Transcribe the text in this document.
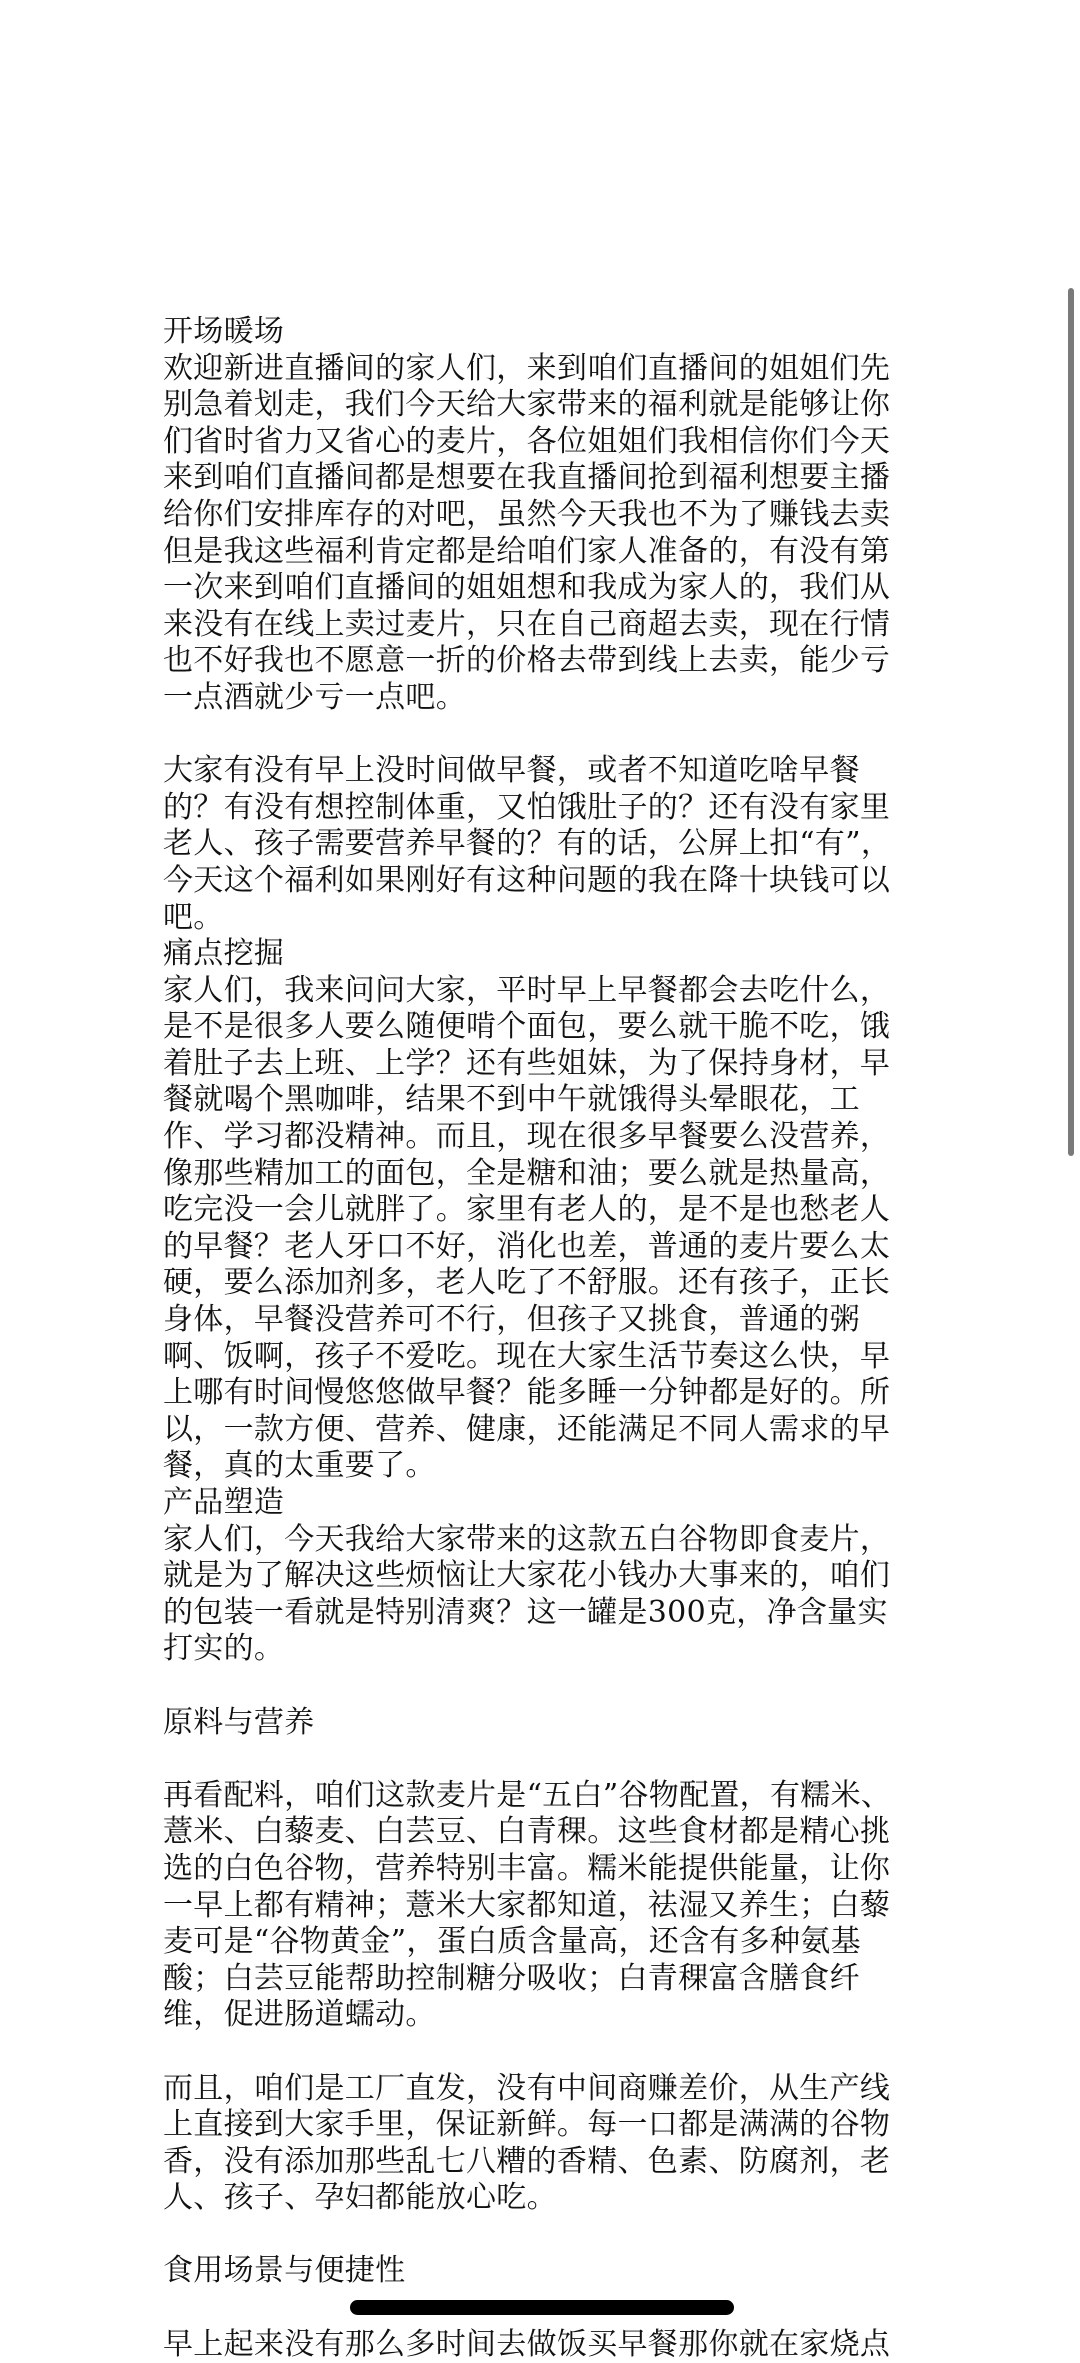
开场暖场
欢迎新进直播间的家人们，来到咱们直播间的姐姐们先
别急着划走，我们今天给大家带来的福利就是能够让你
们省时省力又省心的麦片，各位姐姐们我相信你们今天
来到咱们直播间都是想要在我直播间抢到福利想要主播
给你们安排库存的对吧，虽然今天我也不为了赚钱去卖
但是我这些福利肯定都是给咱们家人准备的，有没有第
一次来到咱们直播间的姐姐想和我成为家人的，我们从
来没有在线上卖过麦片，只在自己商超去卖，现在行情
也不好我也不愿意一折的价格去带到线上去卖，能少亏
一点酒就少亏一点吧。
大家有没有早上没时间做早餐，或者不知道吃啥早餐
的？有没有想控制体重，又怕饿肚子的？还有没有家里
老人、孩子需要营养早餐的？有的话，公屏上扣“有”，
今天这个福利如果刚好有这种问题的我在降十块钱可以
吧。
痛点挖掘
家人们，我来问问大家，平时早上早餐都会去吃什么，
是不是很多人要么随便啃个面包，要么就干脆不吃，饿
着肚子去上班、上学？还有些姐妹，为了保持身材，早
餐就喝个黑咖啡，结果不到中午就饿得头晕眼花，工
作、学习都没精神。而且，现在很多早餐要么没营养，
像那些精加工的面包，全是糖和油；要么就是热量高，
吃完没一会儿就胖了。家里有老人的，是不是也愁老人
的早餐？老人牙口不好，消化也差，普通的麦片要么太
硬，要么添加剂多，老人吃了不舒服。还有孩子，正长
身体，早餐没营养可不行，但孩子又挑食，普通的粥
啊、饭啊，孩子不爱吃。现在大家生活节奏这么快，早
上哪有时间慢悠悠做早餐？能多睡一分钟都是好的。所
以，一款方便、营养、健康，还能满足不同人需求的早
餐，真的太重要了。
产品塑造
家人们，今天我给大家带来的这款五白谷物即食麦片，
就是为了解决这些烦恼让大家花小钱办大事来的，咱们
的包装一看就是特别清爽？这一罐是300克，净含量实
打实的。
原料与营养
再看配料，咱们这款麦片是“五白”谷物配置，有糯米、
薏米、白藜麦、白芸豆、白青稞。这些食材都是精心挑
选的白色谷物，营养特别丰富。糯米能提供能量，让你
一早上都有精神；薏米大家都知道，祛湿又养生；白藜
麦可是“谷物黄金”，蛋白质含量高，还含有多种氨基
酸；白芸豆能帮助控制糖分吸收；白青稞富含膳食纤
维，促进肠道蠕动。
而且，咱们是工厂直发，没有中间商赚差价，从生产线
上直接到大家手里，保证新鲜。每一口都是满满的谷物
香，没有添加那些乱七八糟的香精、色素、防腐剂，老
人、孩子、孕妇都能放心吃。
食用场景与便捷性
早上起来没有那么多时间去做饭买早餐那你就在家烧点
